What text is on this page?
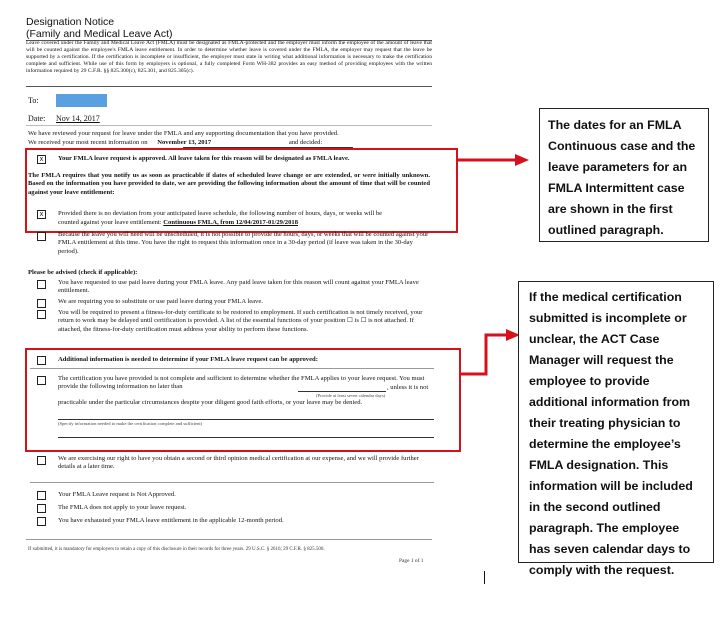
Designation Notice
(Family and Medical Leave Act)
Leave covered under the Family and Medical Leave Act (FMLA) must be designated as FMLA-protected and the employer must inform the employee of the amount of leave that will be counted against the employee's FMLA leave entitlement. In order to determine whether leave is covered under the FMLA, the employer may request that the leave be supported by a certification. If the certification is incomplete or insufficient, the employer must state in writing what additional information is necessary to make the certification complete and sufficient. While use of this form by employers is optional, a fully completed Form WH-382 provides an easy method of providing employees with the written information required by 29 C.F.R. §§ 825.300(c), 825.301, and 825.305(c).
To:
Date: Nov 14, 2017
We have reviewed your request for leave under the FMLA and any supporting documentation that you have provided.
We received your most recent information on November 13, 2017	and decided:
x	Your FMLA leave request is approved. All leave taken for this reason will be designated as FMLA leave.
The FMLA requires that you notify us as soon as practicable if dates of scheduled leave change or are extended, or were initially unknown. Based on the information you have provided to date, we are providing the following information about the amount of time that will be counted against your leave entitlement:
x	Provided there is no deviation from your anticipated leave schedule, the following number of hours, days, or weeks will be
counted against your leave entitlement: Continuous FMLA, from 12/04/2017-01/29/2018
Because the leave you will need will be unscheduled, it is not possible to provide the hours, days, or weeks that will be counted against your FMLA entitlement at this time. You have the right to request this information once in a 30-day period (if leave was taken in the 30-day period).
Please be advised (check if applicable):
You have requested to use paid leave during your FMLA leave. Any paid leave taken for this reason will count against your FMLA leave entitlement.
We are requiring you to substitute or use paid leave during your FMLA leave.
You will be required to present a fitness-for-duty certificate to be restored to employment. If such certification is not timely received, your return to work may be delayed until certification is provided. A list of the essential functions of your position ☐ is ☐ is not attached. If attached, the fitness-for-duty certification must address your ability to perform these functions.
Additional information is needed to determine if your FMLA leave request can be approved:
The certification you have provided is not complete and sufficient to determine whether the FMLA applies to your leave request. You must provide the following information no later than	, unless it is not
(Provide at least seven calendar days)
practicable under the particular circumstances despite your diligent good faith efforts, or your leave may be denied.
(Specify information needed to make the certification complete and sufficient)
We are exercising our right to have you obtain a second or third opinion medical certification at our expense, and we will provide further details at a later time.
Your FMLA Leave request is Not Approved.
The FMLA does not apply to your leave request.
You have exhausted your FMLA leave entitlement in the applicable 12-month period.
If submitted, it is mandatory for employers to retain a copy of this disclosure in their records for three years. 29 U.S.C. § 2616; 29 C.F.R. § 825.500.
Page 1 of 1
The dates for an FMLA Continuous case and the leave parameters for an FMLA Intermittent case are shown in the first outlined paragraph.
If the medical certification submitted is incomplete or unclear, the ACT Case Manager will request the employee to provide additional information from their treating physician to determine the employee’s FMLA designation. This information will be included in the second outlined paragraph. The employee has seven calendar days to comply with the request.
